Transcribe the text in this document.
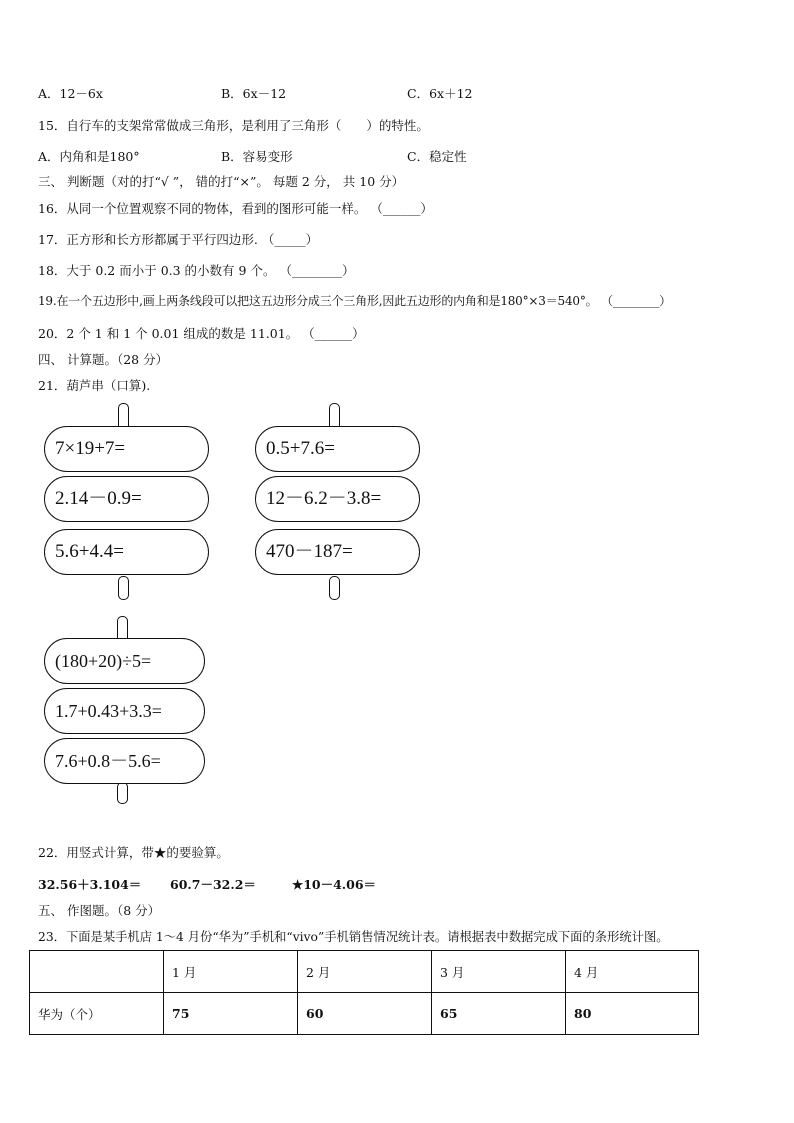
A．12－6x	B．6x－12	C．6x＋12
15．自行车的支架常常做成三角形，是利用了三角形（　　）的特性。
A．内角和是180°	B．容易变形	C．稳定性
三、 判断题（对的打“√ ”， 错的打“×”。 每题 2 分， 共 10 分）
16．从同一个位置观察不同的物体，看到的图形可能一样。 （______）
17．正方形和长方形都属于平行四边形. （_____）
18．大于 0.2 而小于 0.3 的小数有 9 个。 （________）
19.在一个五边形中,画上两条线段可以把这五边形分成三个三角形,因此五边形的内角和是180°×3＝540°。 （________）
20．2 个 1 和 1 个 0.01 组成的数是 11.01。 （______）
四、 计算题。（28 分）
21．葫芦串（口算).
7×19+7=
2.14－0.9=
5.6+4.4=
0.5+7.6=
12－6.2－3.8=
470－187=
(180+20)÷5=
1.7+0.43+3.3=
7.6+0.8－5.6=
22．用竖式计算，带★的要验算。
32.56＋3.104＝ 60.7－32.2＝	★10－4.06＝
五、 作图题。（8 分）
23．下面是某手机店 1～4 月份“华为”手机和“vivo”手机销售情况统计表。请根据表中数据完成下面的条形统计图。
	1 月	2 月	3 月	4 月
华为（个）	75	60	65	80
